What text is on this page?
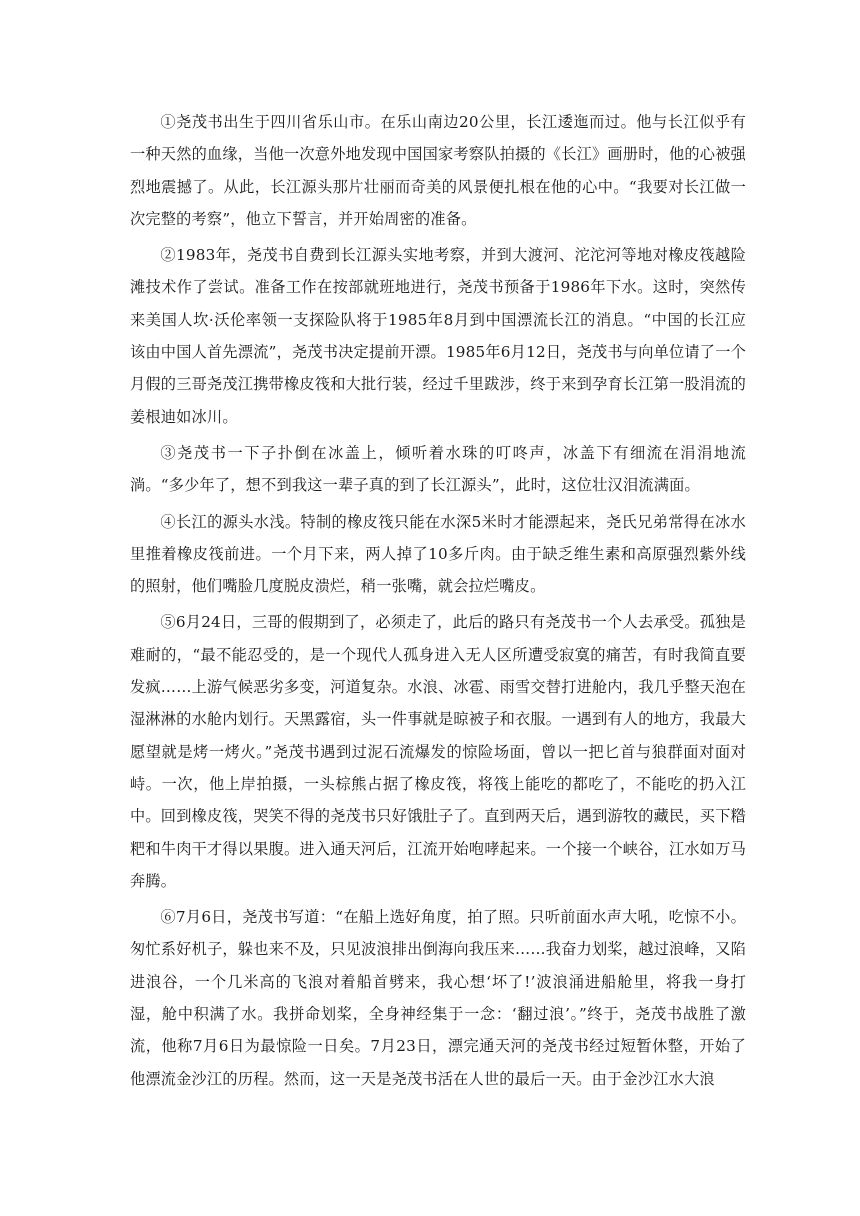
①尧茂书出生于四川省乐山市。在乐山南边20公里，长江逶迤而过。他与长江似乎有一种天然的血缘，当他一次意外地发现中国国家考察队拍摄的《长江》画册时，他的心被强烈地震撼了。从此，长江源头那片壮丽而奇美的风景便扎根在他的心中。“我要对长江做一次完整的考察”，他立下誓言，并开始周密的准备。

②1983年，尧茂书自费到长江源头实地考察，并到大渡河、沱沱河等地对橡皮筏越险滩技术作了尝试。准备工作在按部就班地进行，尧茂书预备于1986年下水。这时，突然传来美国人坎·沃伦率领一支探险队将于1985年8月到中国漂流长江的消息。“中国的长江应该由中国人首先漂流”，尧茂书决定提前开漂。1985年6月12日，尧茂书与向单位请了一个月假的三哥尧茂江携带橡皮筏和大批行装，经过千里跋涉，终于来到孕育长江第一股涓流的姜根迪如冰川。

③尧茂书一下子扑倒在冰盖上，倾听着水珠的叮咚声，冰盖下有细流在涓涓地流淌。“多少年了，想不到我这一辈子真的到了长江源头”，此时，这位壮汉泪流满面。

④长江的源头水浅。特制的橡皮筏只能在水深5米时才能漂起来，尧氏兄弟常得在冰水里推着橡皮筏前进。一个月下来，两人掉了10多斤肉。由于缺乏维生素和高原强烈紫外线的照射，他们嘴脸几度脱皮溃烂，稍一张嘴，就会拉烂嘴皮。

⑤6月24日，三哥的假期到了，必须走了，此后的路只有尧茂书一个人去承受。孤独是难耐的，“最不能忍受的，是一个现代人孤身进入无人区所遭受寂寞的痛苦，有时我简直要发疯……上游气候恶劣多变，河道复杂。水浪、冰雹、雨雪交替打进舱内，我几乎整天泡在湿淋淋的水舱内划行。天黑露宿，头一件事就是晾被子和衣服。一遇到有人的地方，我最大愿望就是烤一烤火。”尧茂书遇到过泥石流爆发的惊险场面，曾以一把匕首与狼群面对面对峙。一次，他上岸拍摄，一头棕熊占据了橡皮筏，将筏上能吃的都吃了，不能吃的扔入江中。回到橡皮筏，哭笑不得的尧茂书只好饿肚子了。直到两天后，遇到游牧的藏民，买下糌粑和牛肉干才得以果腹。进入通天河后，江流开始咆哮起来。一个接一个峡谷，江水如万马奔腾。

⑥7月6日，尧茂书写道：“在船上选好角度，拍了照。只听前面水声大吼，吃惊不小。匆忙系好机子，躲也来不及，只见波浪排出倒海向我压来……我奋力划桨，越过浪峰，又陷进浪谷，一个几米高的飞浪对着船首劈来，我心想‘坏了!’波浪涌进船舱里，将我一身打湿，舱中积满了水。我拼命划桨，全身神经集于一念：‘翻过浪’。”终于，尧茂书战胜了激流，他称7月6日为最惊险一日矣。7月23日，漂完通天河的尧茂书经过短暂休整，开始了他漂流金沙江的历程。然而，这一天是尧茂书活在人世的最后一天。由于金沙江水大浪
